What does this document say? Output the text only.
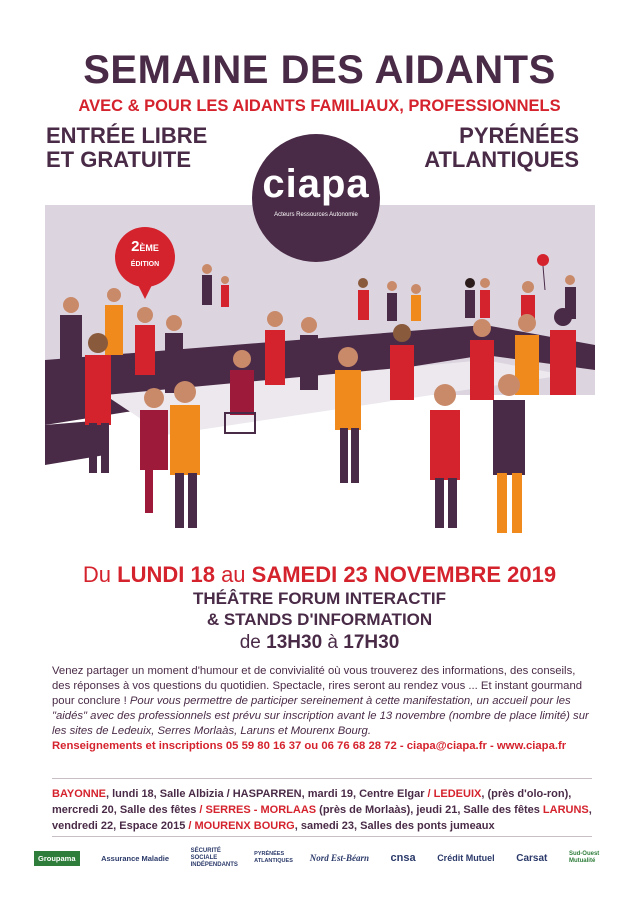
SEMAINE DES AIDANTS
AVEC & POUR LES AIDANTS FAMILIAUX, PROFESSIONNELS
ENTRÉE LIBRE
ET GRATUITE
PYRÉNÉES
ATLANTIQUES
2ÈME
ÉDITION
ciapa
Acteurs Ressources Autonomie
Du LUNDI 18 au SAMEDI 23 NOVEMBRE 2019
THÉÂTRE FORUM INTERACTIF
& STANDS D'INFORMATION
de 13H30 à 17H30
Venez partager un moment d'humour et de convivialité où vous trouverez des informations, des conseils, des réponses à vos questions du quotidien. Spectacle, rires seront au rendez vous ... Et instant gourmand pour conclure ! Pour vous permettre de participer sereinement à cette manifestation, un accueil pour les "aidés" avec des professionnels est prévu sur inscription avant le 13 novembre (nombre de place limité) sur les sites de Ledeuix, Serres Morlaàs, Laruns et Mourenx Bourg.
Renseignements et inscriptions 05 59 80 16 37 ou 06 76 68 28 72 - ciapa@ciapa.fr - www.ciapa.fr
BAYONNE, lundi 18, Salle Albizia / HASPARREN, mardi 19, Centre Elgar / LEDEUIX, (près d'olo-ron), mercredi 20, Salle des fêtes / SERRES - MORLAAS (près de Morlaàs), jeudi 21, Salle des fêtes LARUNS, vendredi 22, Espace 2015 / MOURENX BOURG, samedi 23, Salles des ponts jumeaux
Groupama	Assurance Maladie
SÉCURITÉ SOCIALE INDÉPENDANTS
PYRÉNÉES ATLANTIQUES Nord Est-Béarn cnsa Crédit Mutuel Carsat	Sud-Ouest Mutualité
